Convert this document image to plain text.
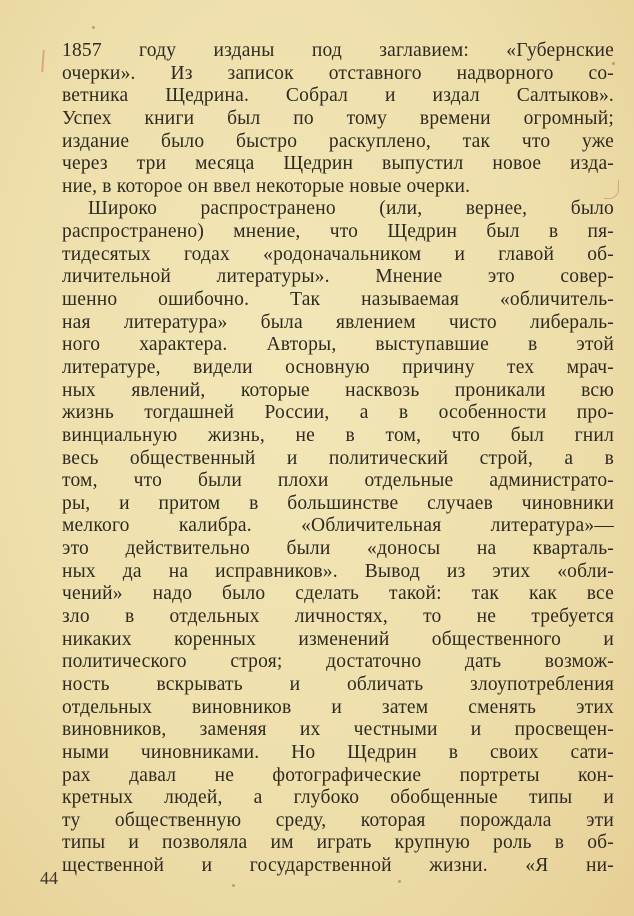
1857 году изданы под заглавием: «Губернские
очерки». Из записок отставного надворного со-
ветника Щедрина. Собрал и издал Салтыков».
Успех книги был по тому времени огромный;
издание было быстро раскуплено, так что уже
через три месяца Щедрин выпустил новое изда-
ние, в которое он ввел некоторые новые очерки.
Широко распространено (или, вернее, было
распространено) мнение, что Щедрин был в пя-
тидесятых годах «родоначальником и главой об-
личительной литературы». Мнение это совер-
шенно ошибочно. Так называемая «обличитель-
ная литература» была явлением чисто либераль-
ного характера. Авторы, выступавшие в этой
литературе, видели основную причину тех мрач-
ных явлений, которые насквозь проникали всю
жизнь тогдашней России, а в особенности про-
винциальную жизнь, не в том, что был гнил
весь общественный и политический строй, а в
том, что были плохи отдельные администрато-
ры, и притом в большинстве случаев чиновники
мелкого калибра. «Обличительная литература»—
это действительно были «доносы на кварталь-
ных да на исправников». Вывод из этих «обли-
чений» надо было сделать такой: так как все
зло в отдельных личностях, то не требуется
никаких коренных изменений общественного и
политического строя; достаточно дать возмож-
ность вскрывать и обличать злоупотребления
отдельных виновников и затем сменять этих
виновников, заменяя их честными и просвещен-
ными чиновниками. Но Щедрин в своих сати-
рах давал не фотографические портреты кон-
кретных людей, а глубоко обобщенные типы и
ту общественную среду, которая порождала эти
типы и позволяла им играть крупную роль в об-
щественной и государственной жизни. «Я ни-
44
